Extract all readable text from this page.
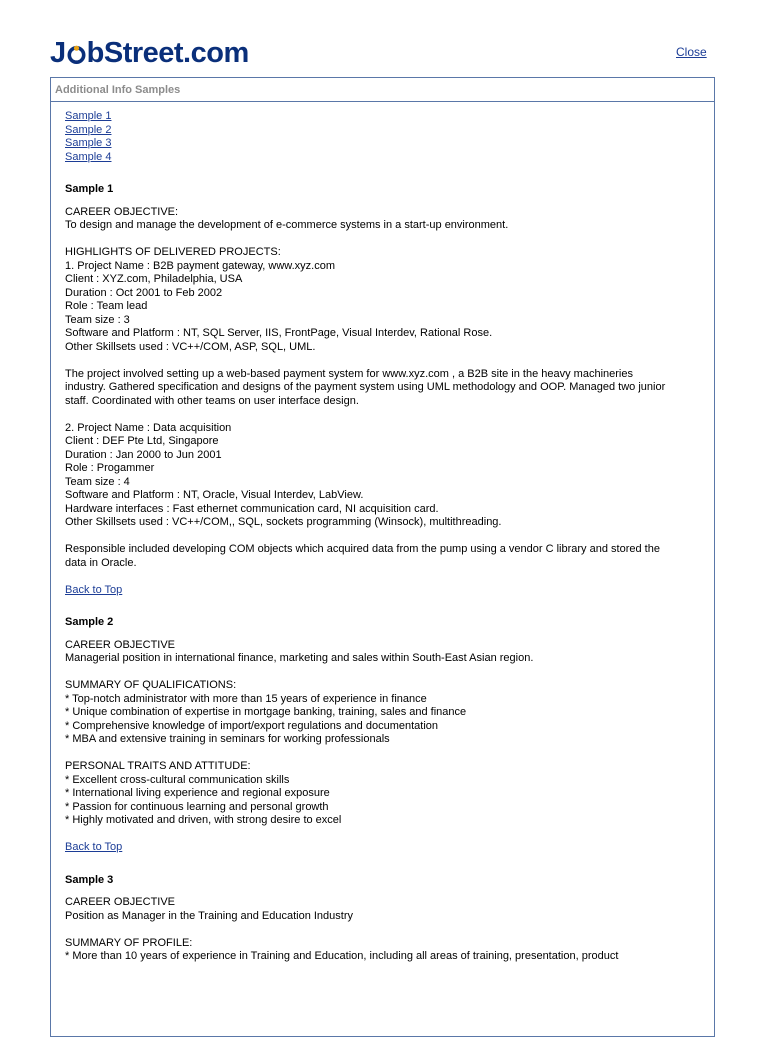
J bStreet.com	Close
Additional Info Samples
Sample 1
Sample 2
Sample 3
Sample 4
Sample 1
CAREER OBJECTIVE:
To design and manage the development of e-commerce systems in a start-up environment.
HIGHLIGHTS OF DELIVERED PROJECTS:
1. Project Name : B2B payment gateway, www.xyz.com
Client : XYZ.com, Philadelphia, USA
Duration : Oct 2001 to Feb 2002
Role : Team lead
Team size : 3
Software and Platform : NT, SQL Server, IIS, FrontPage, Visual Interdev, Rational Rose.
Other Skillsets used : VC++/COM, ASP, SQL, UML.
The project involved setting up a web-based payment system for www.xyz.com , a B2B site in the heavy machineries
industry. Gathered specification and designs of the payment system using UML methodology and OOP. Managed two junior
staff. Coordinated with other teams on user interface design.
2. Project Name : Data acquisition
Client : DEF Pte Ltd, Singapore
Duration : Jan 2000 to Jun 2001
Role : Progammer
Team size : 4
Software and Platform : NT, Oracle, Visual Interdev, LabView.
Hardware interfaces : Fast ethernet communication card, NI acquisition card.
Other Skillsets used : VC++/COM,, SQL, sockets programming (Winsock), multithreading.
Responsible included developing COM objects which acquired data from the pump using a vendor C library and stored the
data in Oracle.
Back to Top
Sample 2
CAREER OBJECTIVE
Managerial position in international finance, marketing and sales within South-East Asian region.
SUMMARY OF QUALIFICATIONS:
* Top-notch administrator with more than 15 years of experience in finance
* Unique combination of expertise in mortgage banking, training, sales and finance
* Comprehensive knowledge of import/export regulations and documentation
* MBA and extensive training in seminars for working professionals
PERSONAL TRAITS AND ATTITUDE:
* Excellent cross-cultural communication skills
* International living experience and regional exposure
* Passion for continuous learning and personal growth
* Highly motivated and driven, with strong desire to excel
Back to Top
Sample 3
CAREER OBJECTIVE
Position as Manager in the Training and Education Industry
SUMMARY OF PROFILE:
* More than 10 years of experience in Training and Education, including all areas of training, presentation, product
